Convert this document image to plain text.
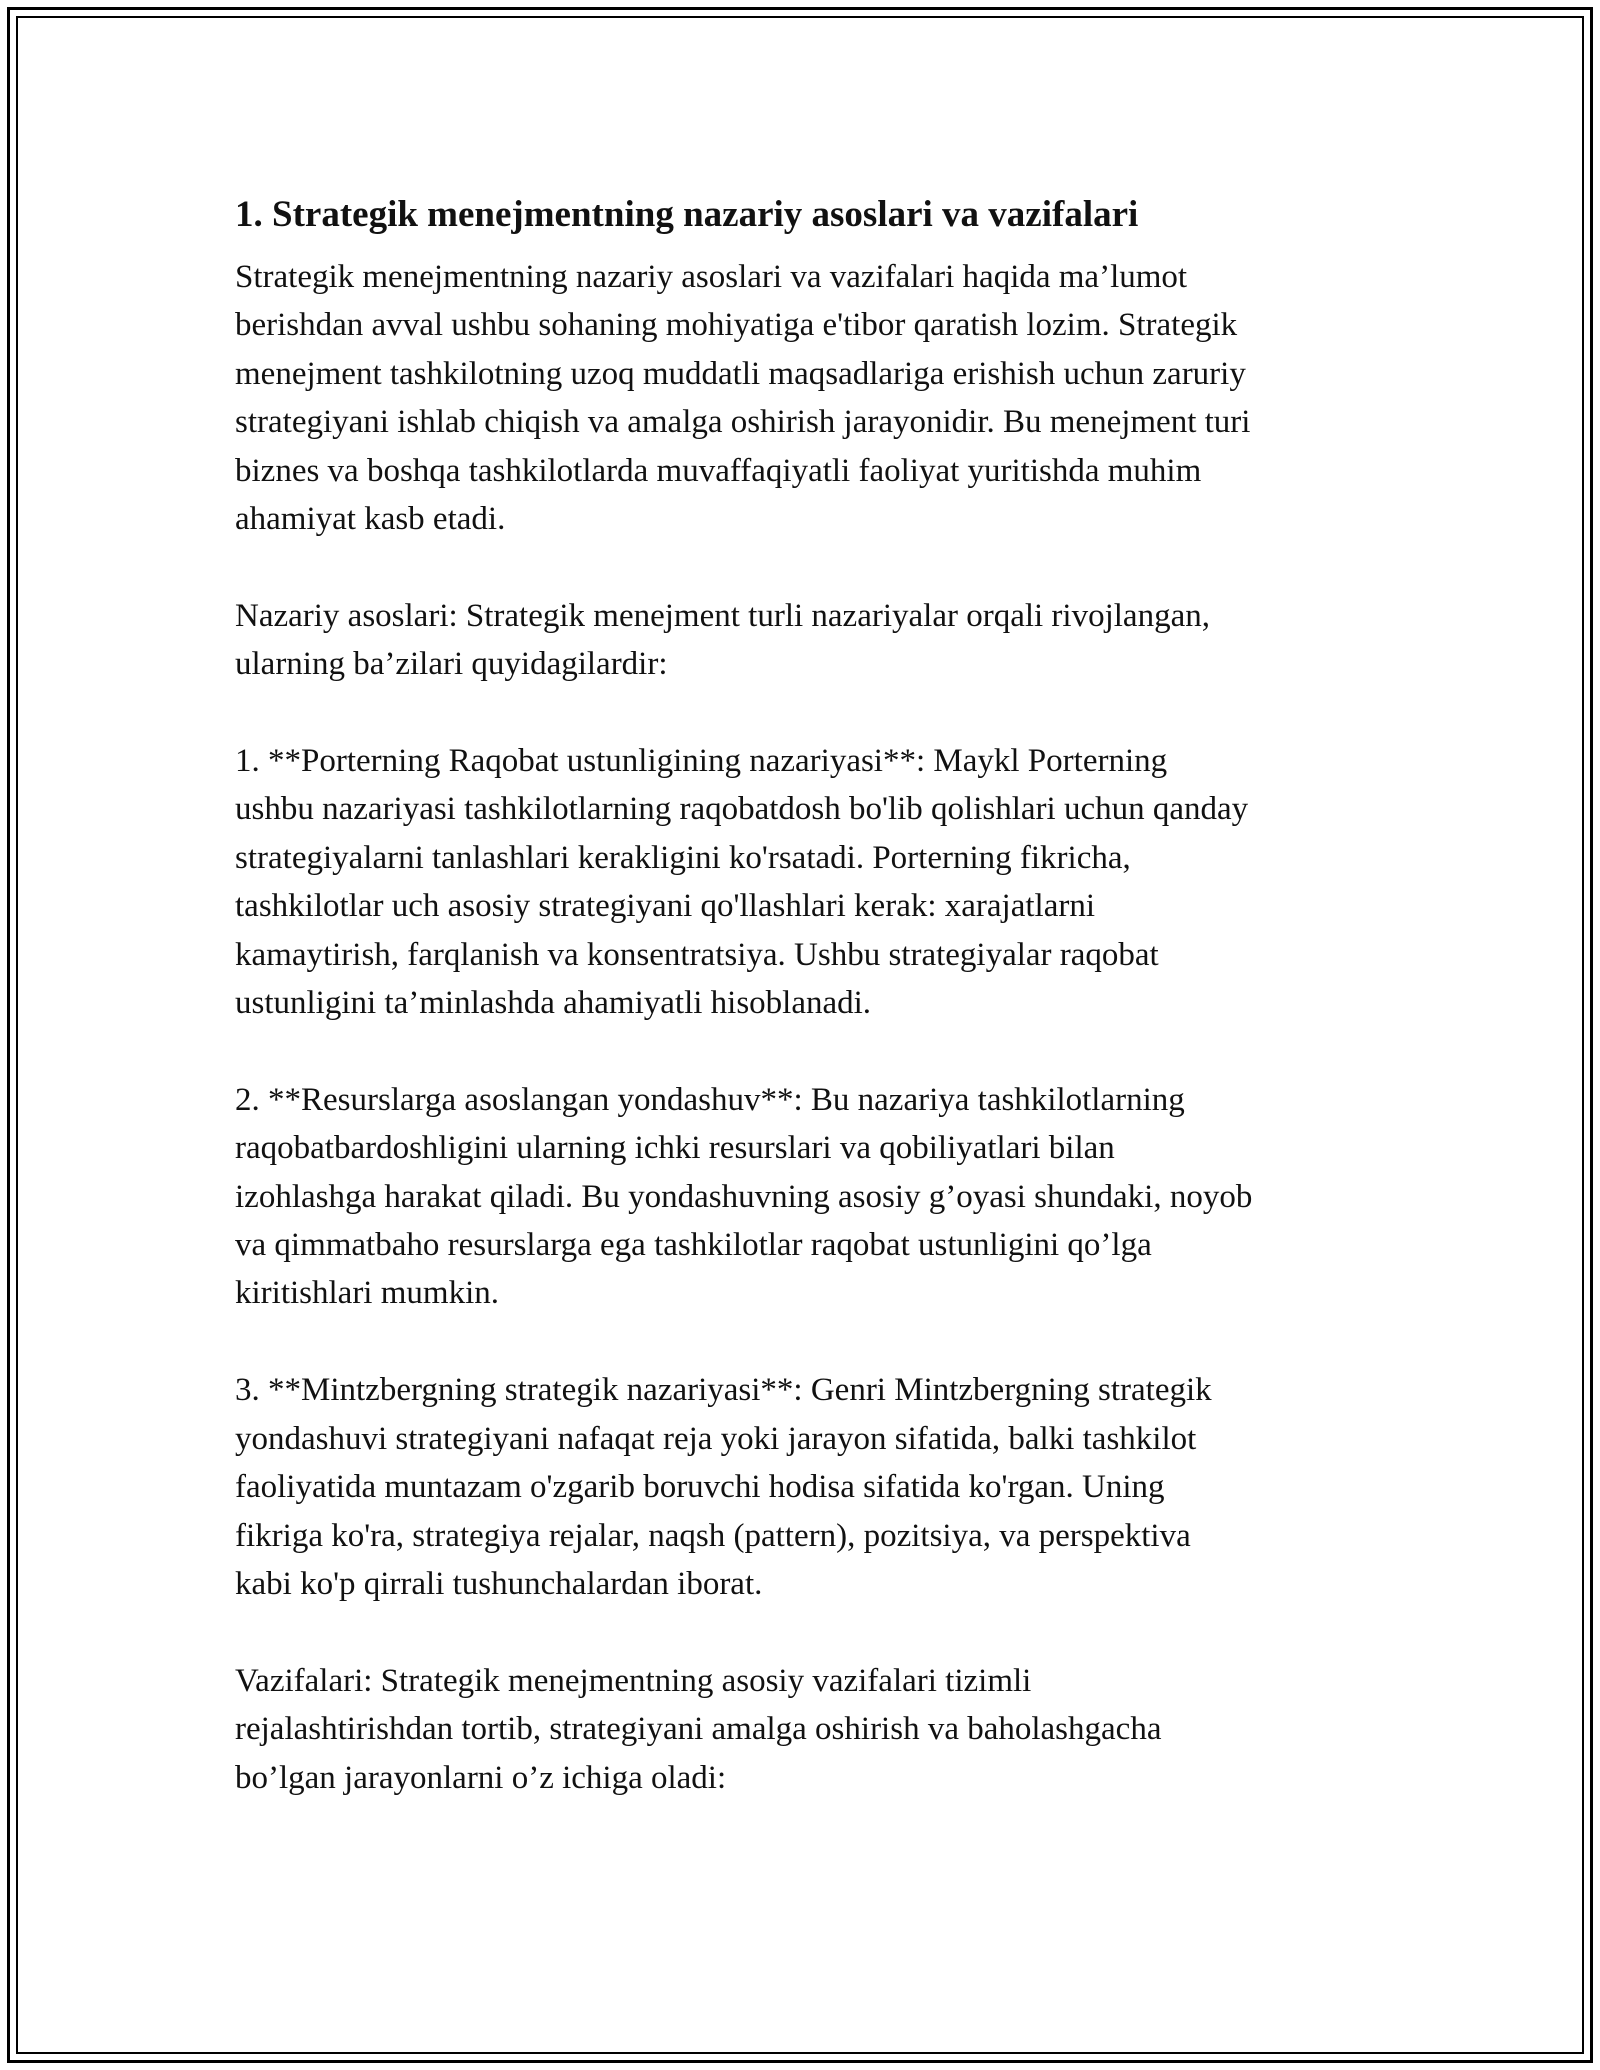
1. Strategik menejmentning nazariy asoslari va vazifalari

Strategik menejmentning nazariy asoslari va vazifalari haqida ma’lumot
berishdan avval ushbu sohaning mohiyatiga e'tibor qaratish lozim. Strategik
menejment tashkilotning uzoq muddatli maqsadlariga erishish uchun zaruriy
strategiyani ishlab chiqish va amalga oshirish jarayonidir. Bu menejment turi
biznes va boshqa tashkilotlarda muvaffaqiyatli faoliyat yuritishda muhim
ahamiyat kasb etadi.

Nazariy asoslari: Strategik menejment turli nazariyalar orqali rivojlangan,
ularning ba’zilari quyidagilardir:

1. **Porterning Raqobat ustunligining nazariyasi**: Maykl Porterning
ushbu nazariyasi tashkilotlarning raqobatdosh bo'lib qolishlari uchun qanday
strategiyalarni tanlashlari kerakligini ko'rsatadi. Porterning fikricha,
tashkilotlar uch asosiy strategiyani qo'llashlari kerak: xarajatlarni
kamaytirish, farqlanish va konsentratsiya. Ushbu strategiyalar raqobat
ustunligini ta’minlashda ahamiyatli hisoblanadi.

2. **Resurslarga asoslangan yondashuv**: Bu nazariya tashkilotlarning
raqobatbardoshligini ularning ichki resurslari va qobiliyatlari bilan
izohlashga harakat qiladi. Bu yondashuvning asosiy g’oyasi shundaki, noyob
va qimmatbaho resurslarga ega tashkilotlar raqobat ustunligini qo’lga
kiritishlari mumkin.

3. **Mintzbergning strategik nazariyasi**: Genri Mintzbergning strategik
yondashuvi strategiyani nafaqat reja yoki jarayon sifatida, balki tashkilot
faoliyatida muntazam o'zgarib boruvchi hodisa sifatida ko'rgan. Uning
fikriga ko'ra, strategiya rejalar, naqsh (pattern), pozitsiya, va perspektiva
kabi ko'p qirrali tushunchalardan iborat.

Vazifalari: Strategik menejmentning asosiy vazifalari tizimli
rejalashtirishdan tortib, strategiyani amalga oshirish va baholashgacha
bo’lgan jarayonlarni o’z ichiga oladi:
